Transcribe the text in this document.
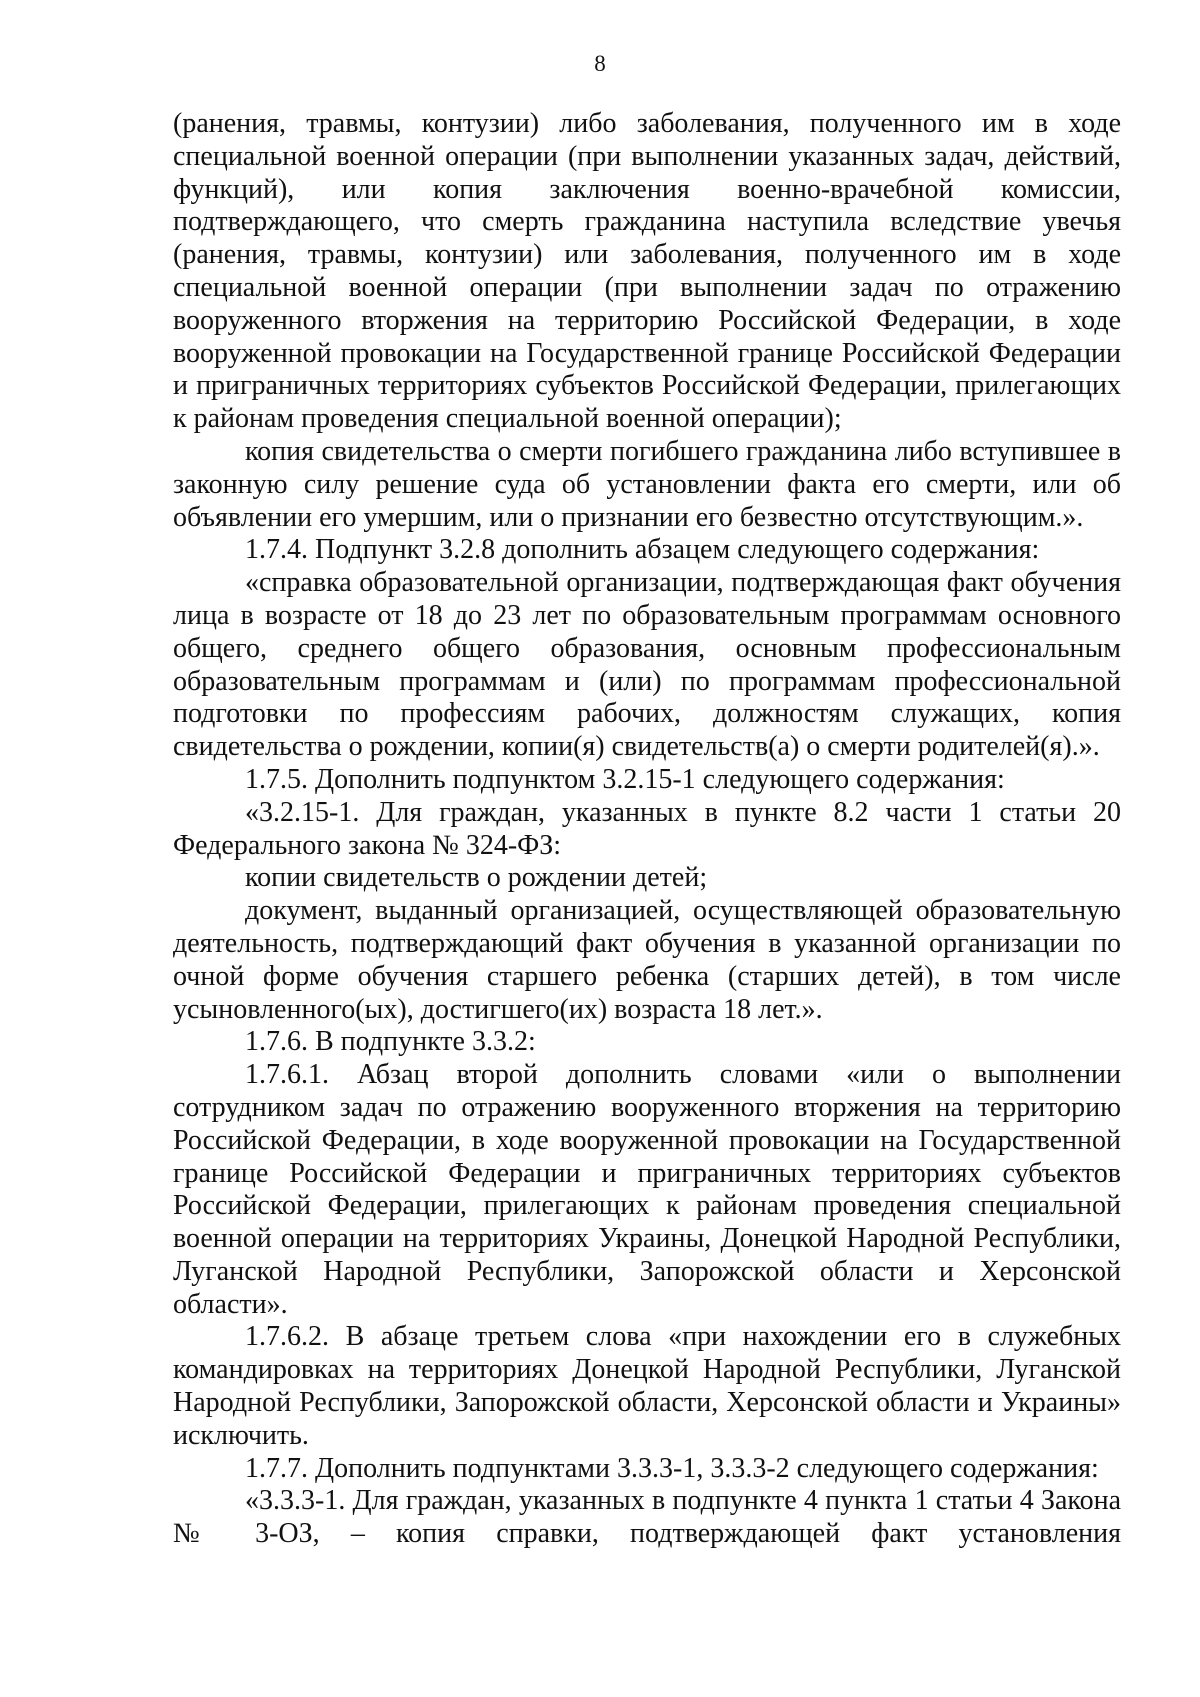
8

(ранения, травмы, контузии) либо заболевания, полученного им в ходе специальной военной операции (при выполнении указанных задач, действий, функций), или копия заключения военно-врачебной комиссии, подтверждающего, что смерть гражданина наступила вследствие увечья (ранения, травмы, контузии) или заболевания, полученного им в ходе специальной военной операции (при выполнении задач по отражению вооруженного вторжения на территорию Российской Федерации, в ходе вооруженной провокации на Государственной границе Российской Федерации и приграничных территориях субъектов Российской Федерации, прилегающих к районам проведения специальной военной операции);

копия свидетельства о смерти погибшего гражданина либо вступившее в законную силу решение суда об установлении факта его смерти, или об объявлении его умершим, или о признании его безвестно отсутствующим.».

1.7.4. Подпункт 3.2.8 дополнить абзацем следующего содержания:

«справка образовательной организации, подтверждающая факт обучения лица в возрасте от 18 до 23 лет по образовательным программам основного общего, среднего общего образования, основным профессиональным образовательным программам и (или) по программам профессиональной подготовки по профессиям рабочих, должностям служащих, копия свидетельства о рождении, копии(я) свидетельств(а) о смерти родителей(я).».

1.7.5. Дополнить подпунктом 3.2.15-1 следующего содержания:

«3.2.15-1. Для граждан, указанных в пункте 8.2 части 1 статьи 20 Федерального закона № 324-ФЗ:

копии свидетельств о рождении детей;

документ, выданный организацией, осуществляющей образовательную деятельность, подтверждающий факт обучения в указанной организации по очной форме обучения старшего ребенка (старших детей), в том числе усыновленного(ых), достигшего(их) возраста 18 лет.».

1.7.6. В подпункте 3.3.2:

1.7.6.1. Абзац второй дополнить словами «или о выполнении сотрудником задач по отражению вооруженного вторжения на территорию Российской Федерации, в ходе вооруженной провокации на Государственной границе Российской Федерации и приграничных территориях субъектов Российской Федерации, прилегающих к районам проведения специальной военной операции на территориях Украины, Донецкой Народной Республики, Луганской Народной Республики, Запорожской области и Херсонской области».

1.7.6.2. В абзаце третьем слова «при нахождении его в служебных командировках на территориях Донецкой Народной Республики, Луганской Народной Республики, Запорожской области, Херсонской области и Украины» исключить.

1.7.7. Дополнить подпунктами 3.3.3-1, 3.3.3-2 следующего содержания:

«3.3.3-1. Для граждан, указанных в подпункте 4 пункта 1 статьи 4 Закона № 3-ОЗ, – копия справки, подтверждающей факт установления
